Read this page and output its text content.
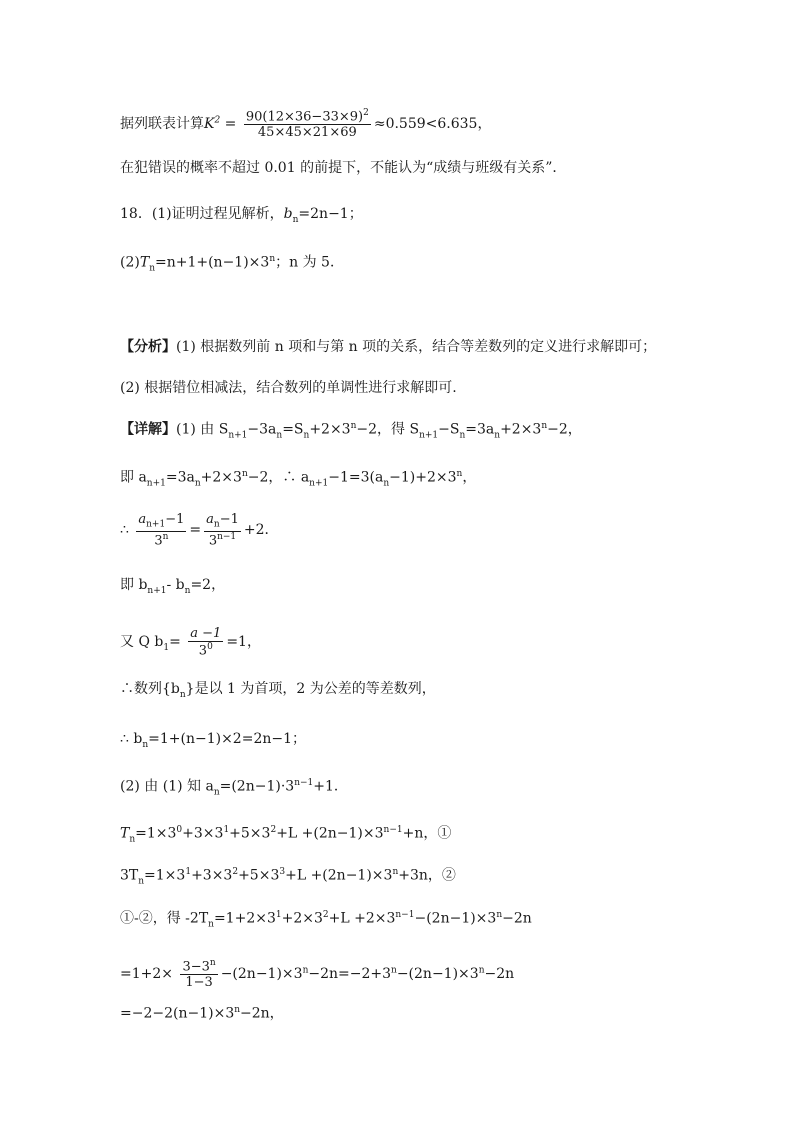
据列联表计算$K^2 = \frac{90(12\times 36-33\times 9)^2}{45\times 45\times 21\times 69} \approx 0.559<6.635$，
在犯错误的概率不超过 0.01 的前提下，不能认为“成绩与班级有关系”．
18．(1)证明过程见解析，$b_n=2n-1$；
$(2)T_n=n+1+(n-1)\times 3^n$；n 为 5．
【分析】(1) 根据数列前 n 项和与第 n 项的关系，结合等差数列的定义进行求解即可；
(2) 根据错位相减法，结合数列的单调性进行求解即可.
【详解】(1) 由 $S_{n+1}-3a_n=S_n+2\times 3^n-2$，得 $S_{n+1}-S_n=3a_n+2\times 3^n-2$，
即 $a_{n+1}=3a_n+2\times 3^n-2$，∴ $a_{n+1}-1=3(a_n-1)+2\times 3^n$，
∴ $\frac{a_{n+1}-1}{3^n} = \frac{a_n-1}{3^{n-1}} +2$．
即 $b_{n+1}-$ $b_n=2$，
又 Q $b_1= \frac{a -1}{3^0} =1$，
∴数列$\{b_n\}$是以 1 为首项，2 为公差的等差数列，
∴ $b_n=1+(n-1)\times 2=2n-1$；
(2) 由 (1) 知 $a_n=(2n-1)\cdot 3^{n-1}+1$．
$T_n=1\times 3^0+3\times 3^1+5\times 3^2+L +(2n-1)\times 3^{n-1}+n$，①
$3T_n=1\times 3^1+3\times 3^2+5\times 3^3+L +(2n-1)\times 3^n+3n$，②
①-②，得 $-2T_n=1+2\times 3^1+2\times 3^2+L +2\times 3^{n-1}-(2n-1)\times 3^n-2n$
$=1+2\times \frac{3-3^n}{1-3} -(2n-1)\times 3^n-2n=-2+3^n-(2n-1)\times 3^n-2n$
$=-2-2(n-1)\times 3^n-2n$，
